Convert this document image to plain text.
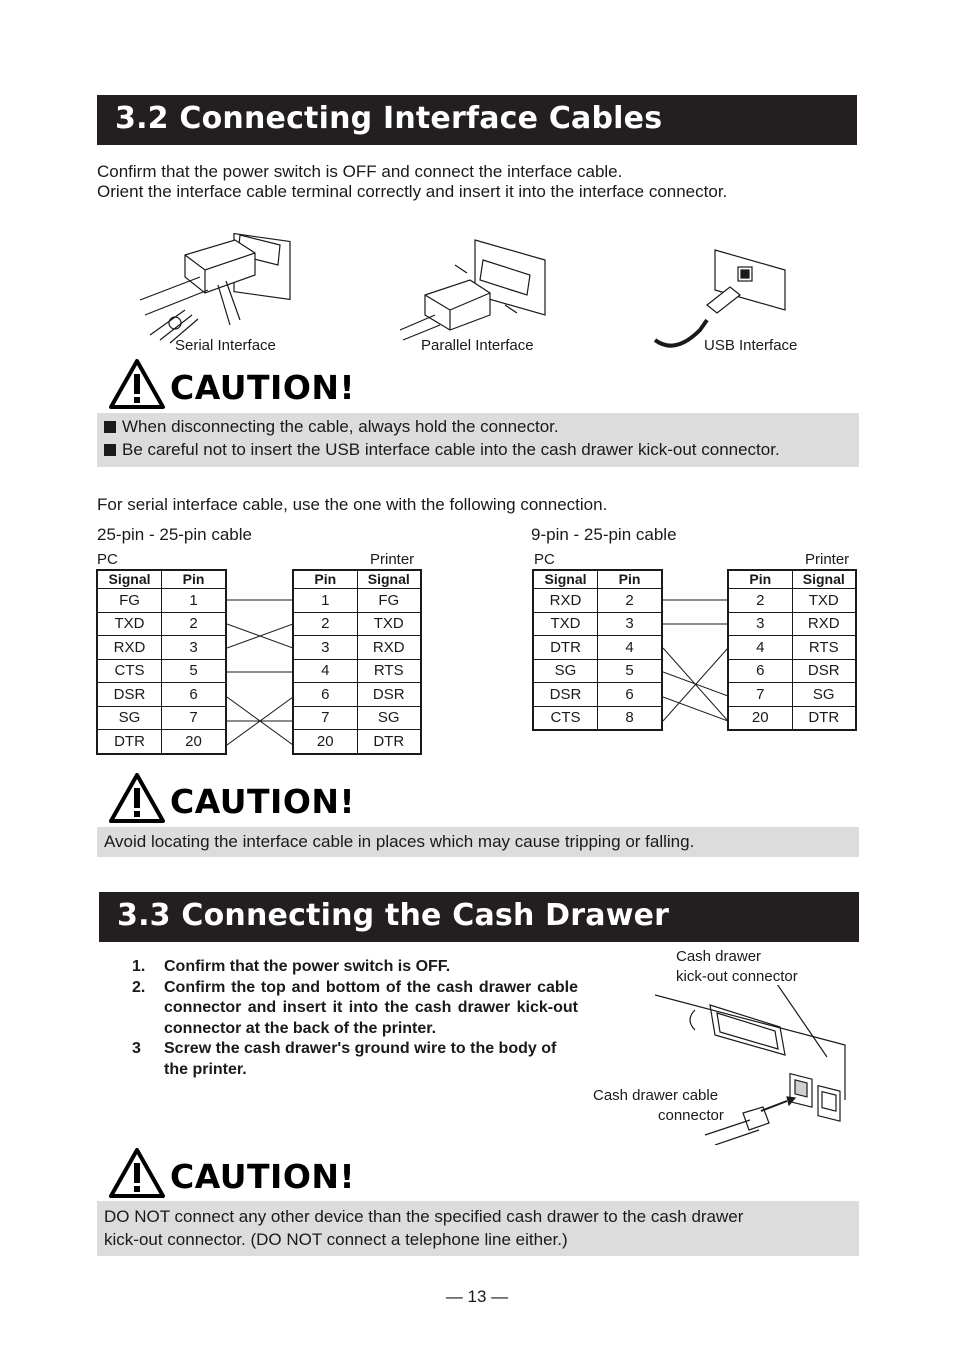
3.2 Connecting Interface Cables
Confirm that the power switch is OFF and connect the interface cable.
Orient the interface cable terminal correctly and insert it into the interface connector.
Serial Interface	Parallel Interface	USB Interface
CAUTION!
When disconnecting the cable, always hold the connector.
Be careful not to insert the USB interface cable into the cash drawer kick-out connector.
For serial interface cable, use the one with the following connection.
25-pin - 25-pin cable
PC	Printer
Signal	Pin
FG	1
TXD	2
RXD	3
CTS	5
DSR	6
SG	7
DTR	20
Pin	Signal
1	FG
2	TXD
3	RXD
4	RTS
6	DSR
7	SG
20	DTR
9-pin - 25-pin cable
PC	Printer
Signal	Pin
RXD	2
TXD	3
DTR	4
SG	5
DSR	6
CTS	8
Pin	Signal
2	TXD
3	RXD
4	RTS
6	DSR
7	SG
20	DTR
CAUTION!
Avoid locating the interface cable in places which may cause tripping or falling.
3.3 Connecting the Cash Drawer
1. Confirm that the power switch is OFF.
2. Confirm the top and bottom of the cash drawer cable connector and insert it into the cash drawer kick-out connector at the back of the printer.
3 Screw the cash drawer's ground wire to the body of the printer.
Cash drawer
kick-out connector
Cash drawer cable
connector
CAUTION!
DO NOT connect any other device than the specified cash drawer to the cash drawer
kick-out connector. (DO NOT connect a telephone line either.)
— 13 —
